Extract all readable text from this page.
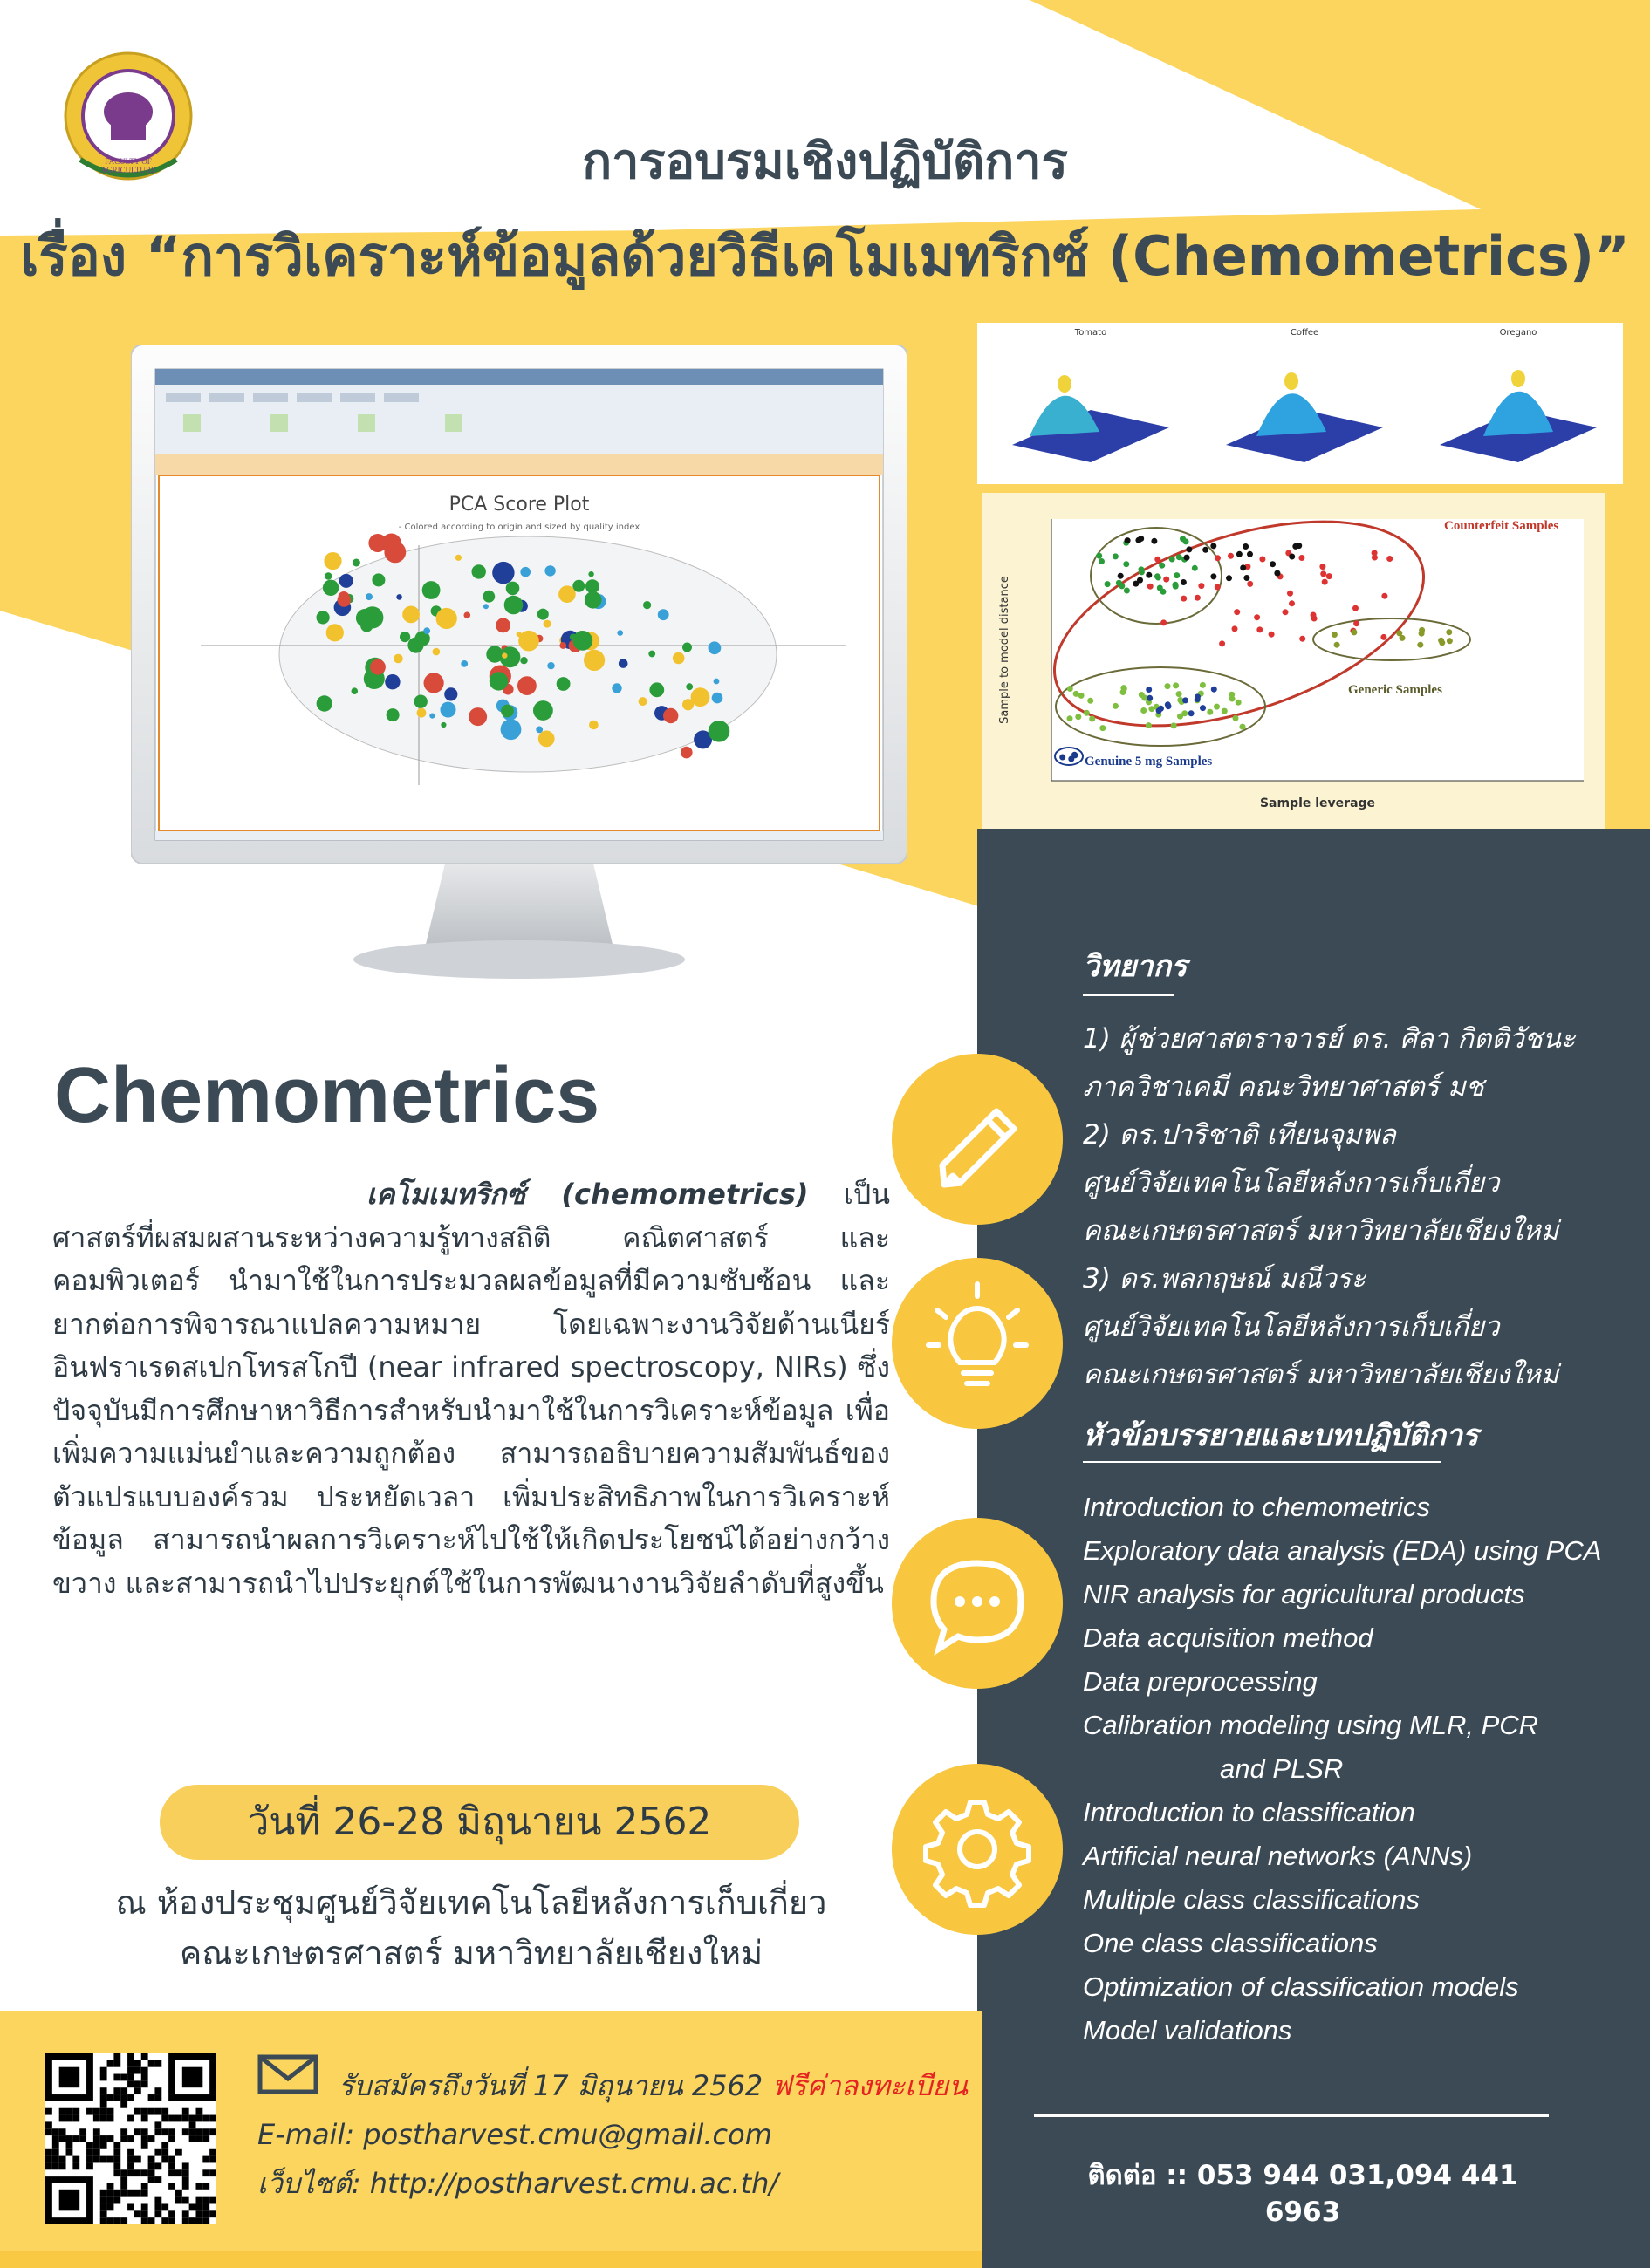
FACULTY OF AGRICULTURE	การอบรมเชิงปฏิบัติการ
เรื่อง “การวิเคราะห์ข้อมูลด้วยวิธีเคโมเมทริกซ์ (Chemometrics)”
PCA Score Plot
- Colored according to origin and sized by quality index
Tomato	Coffee	Oregano
Counterfeit Samples
Generic Samples
Genuine 5 mg Samples
Sample leverage
Sample to model distance
Chemometrics
เคโมเมทริกซ์ (chemometrics) เป็นศาสตร์ที่ผสมผสานระหว่างความรู้ทางสถิติ คณิตศาสตร์ และคอมพิวเตอร์ นำมาใช้ในการประมวลผลข้อมูลที่มีความซับซ้อน และยากต่อการพิจารณาแปลความหมาย โดยเฉพาะงานวิจัยด้านเนียร์อินฟราเรดสเปกโทรสโกปี (near infrared spectroscopy, NIRs) ซึ่งปัจจุบันมีการศึกษาหาวิธีการสำหรับนำมาใช้ในการวิเคราะห์ข้อมูล เพื่อเพิ่มความแม่นยำและความถูกต้อง สามารถอธิบายความสัมพันธ์ของตัวแปรแบบองค์รวม ประหยัดเวลา เพิ่มประสิทธิภาพในการวิเคราะห์ข้อมูล สามารถนำผลการวิเคราะห์ไปใช้ให้เกิดประโยชน์ได้อย่างกว้างขวาง และสามารถนำไปประยุกต์ใช้ในการพัฒนางานวิจัยลำดับที่สูงขึ้น
วันที่ 26-28 มิถุนายน 2562
ณ ห้องประชุมศูนย์วิจัยเทคโนโลยีหลังการเก็บเกี่ยว
คณะเกษตรศาสตร์ มหาวิทยาลัยเชียงใหม่
วิทยากร
1) ผู้ช่วยศาสตราจารย์ ดร. ศิลา กิตติวัชนะ
ภาควิชาเคมี คณะวิทยาศาสตร์ มช
2) ดร.ปาริชาติ เทียนจุมพล
ศูนย์วิจัยเทคโนโลยีหลังการเก็บเกี่ยว
คณะเกษตรศาสตร์ มหาวิทยาลัยเชียงใหม่
3) ดร.พลกฤษณ์ มณีวระ
ศูนย์วิจัยเทคโนโลยีหลังการเก็บเกี่ยว
คณะเกษตรศาสตร์ มหาวิทยาลัยเชียงใหม่
หัวข้อบรรยายและบทปฏิบัติการ
Introduction to chemometrics
Exploratory data analysis (EDA) using PCA
NIR analysis for agricultural products
Data acquisition method
Data preprocessing
Calibration modeling using MLR, PCR
and PLSR
Introduction to classification
Artificial neural networks (ANNs)
Multiple class classifications
One class classifications
Optimization of classification models
Model validations
ติดต่อ :: 053 944 031,094 441 6963
รับสมัครถึงวันที่ 17 มิถุนายน 2562 ฟรีค่าลงทะเบียน
E-mail: postharvest.cmu@gmail.com
เว็บไซต์: http://postharvest.cmu.ac.th/
